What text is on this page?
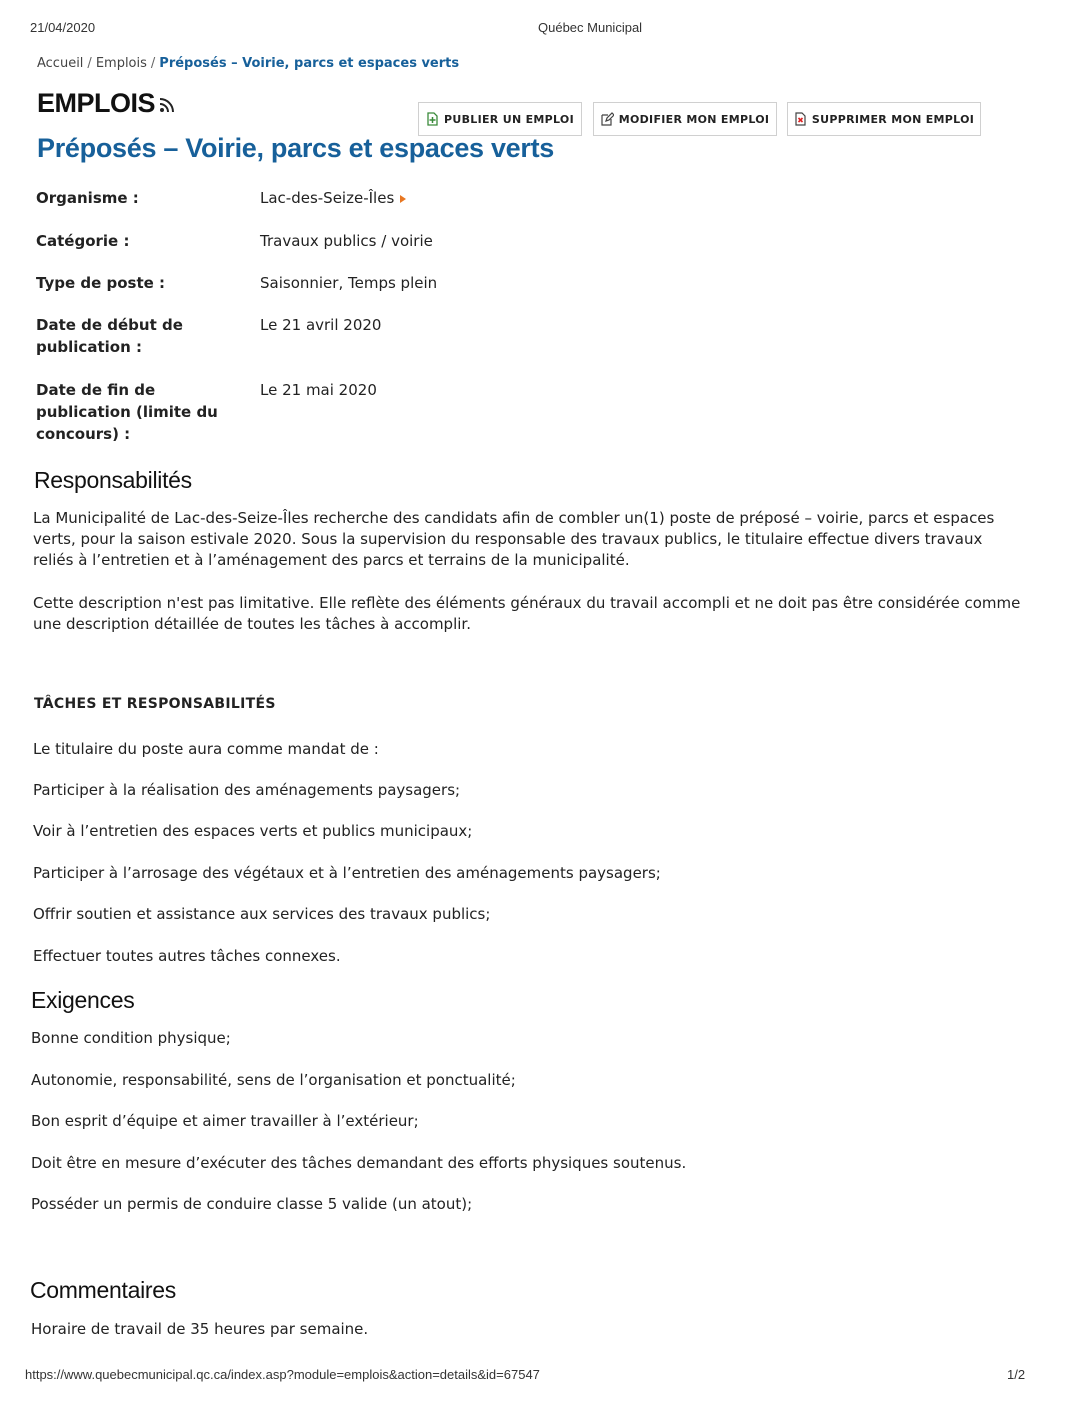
21/04/2020	Québec Municipal
Accueil / Emplois / Préposés – Voirie, parcs et espaces verts
EMPLOIS
PUBLIER UN EMPLOI	MODIFIER MON EMPLOI	SUPPRIMER MON EMPLOI
Préposés – Voirie, parcs et espaces verts
Organisme :	Lac-des-Seize-Îles
Catégorie :	Travaux publics / voirie
Type de poste :	Saisonnier, Temps plein
Date de début de publication :
Le 21 avril 2020
Date de fin de publication (limite du concours) :
Le 21 mai 2020
Responsabilités
La Municipalité de Lac-des-Seize-Îles recherche des candidats afin de combler un(1) poste de préposé – voirie, parcs et espaces verts, pour la saison estivale 2020. Sous la supervision du responsable des travaux publics, le titulaire effectue divers travaux reliés à l’entretien et à l’aménagement des parcs et terrains de la municipalité.
Cette description n'est pas limitative. Elle reflète des éléments généraux du travail accompli et ne doit pas être considérée comme une description détaillée de toutes les tâches à accomplir.
TÂCHES ET RESPONSABILITÉS
Le titulaire du poste aura comme mandat de :
Participer à la réalisation des aménagements paysagers;
Voir à l’entretien des espaces verts et publics municipaux;
Participer à l’arrosage des végétaux et à l’entretien des aménagements paysagers;
Offrir soutien et assistance aux services des travaux publics;
Effectuer toutes autres tâches connexes.
Exigences
Bonne condition physique;
Autonomie, responsabilité, sens de l’organisation et ponctualité;
Bon esprit d’équipe et aimer travailler à l’extérieur;
Doit être en mesure d’exécuter des tâches demandant des efforts physiques soutenus.
Posséder un permis de conduire classe 5 valide (un atout);
Commentaires
Horaire de travail de 35 heures par semaine.
https://www.quebecmunicipal.qc.ca/index.asp?module=emplois&action=details&id=67547	1/2
